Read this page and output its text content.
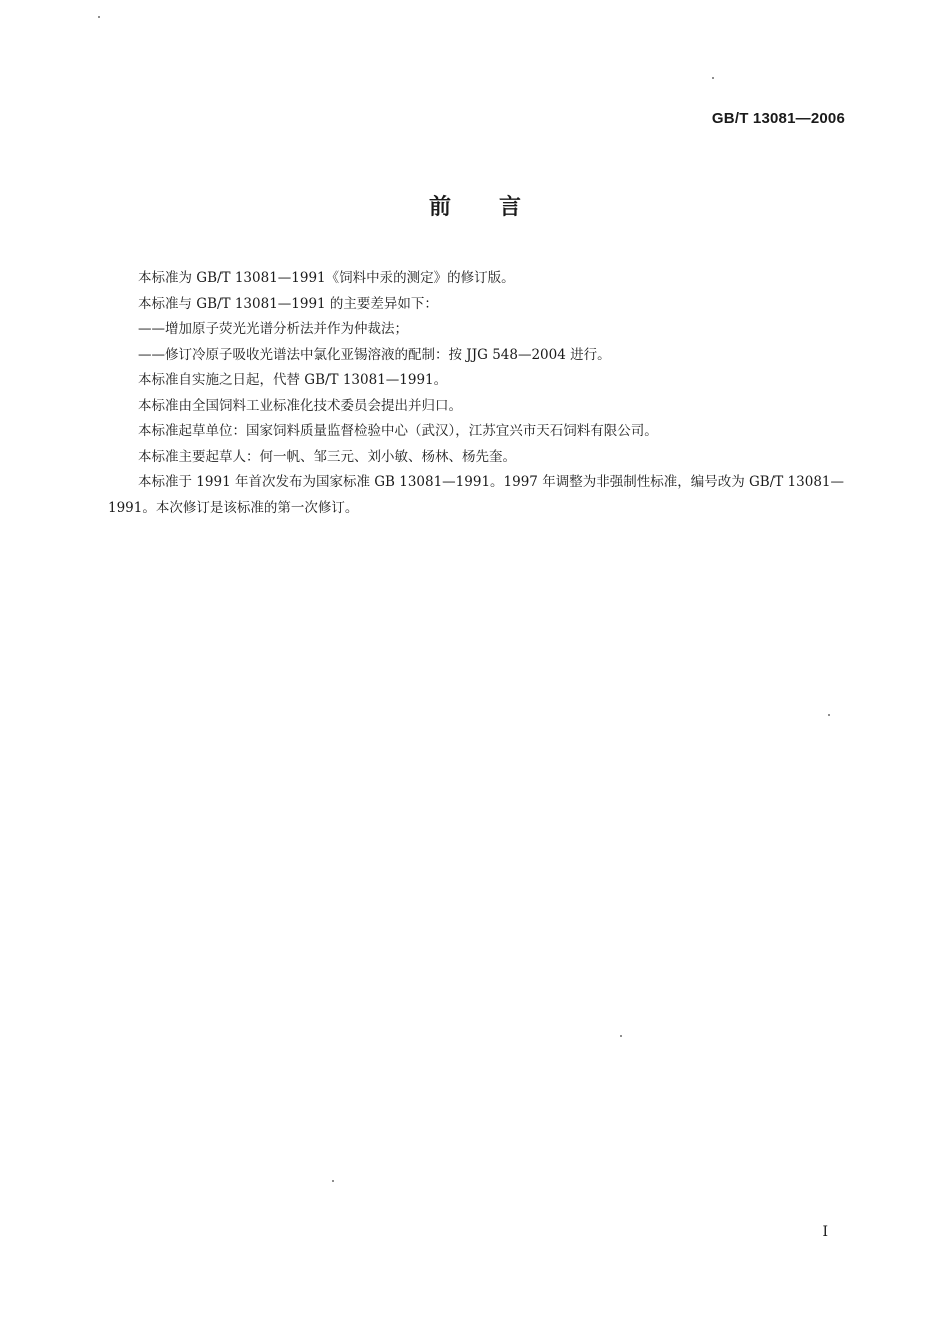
GB/T 13081—2006
前言

本标准为 GB/T 13081—1991《饲料中汞的测定》的修订版。

本标准与 GB/T 13081—1991 的主要差异如下：

——增加原子荧光光谱分析法并作为仲裁法；

——修订冷原子吸收光谱法中氯化亚锡溶液的配制：按 JJG 548—2004 进行。

本标准自实施之日起，代替 GB/T 13081—1991。

本标准由全国饲料工业标准化技术委员会提出并归口。

本标准起草单位：国家饲料质量监督检验中心（武汉），江苏宜兴市天石饲料有限公司。

本标准主要起草人：何一帆、邹三元、刘小敏、杨林、杨先奎。

本标准于 1991 年首次发布为国家标准 GB 13081—1991。1997 年调整为非强制性标准，编号改为 GB/T 13081—1991。本次修订是该标准的第一次修订。

I
